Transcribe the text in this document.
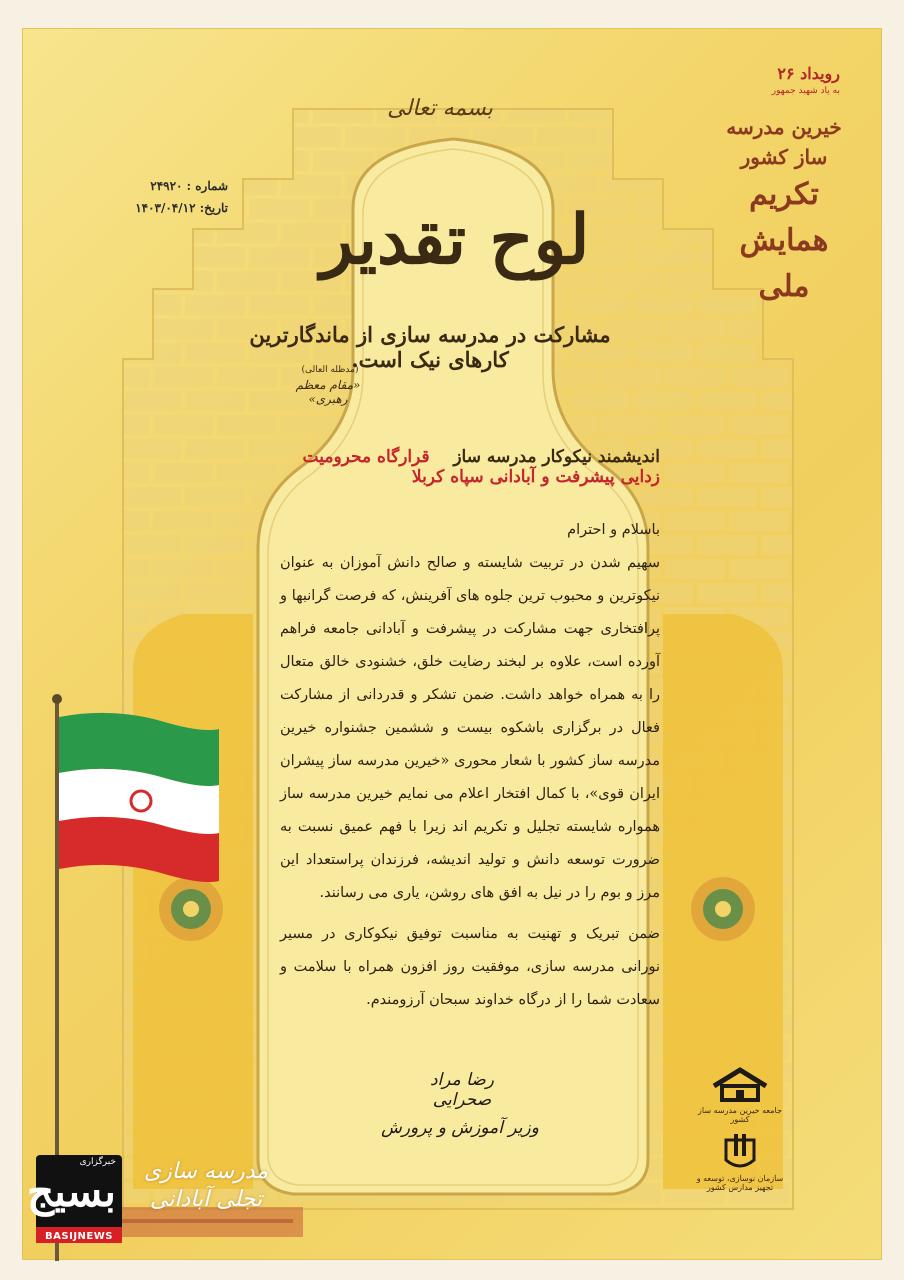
بسمه تعالی
شماره : ۲۴۹۲۰
تاریخ: ۱۴۰۳/۰۴/۱۲	لوح تقدیر
مشارکت در مدرسه سازی از ماندگارترین کارهای نیک است.
(مدظله العالی)
«مقام معظم رهبری»
اندیشمند نیکوکار مدرسه ساز    قرارگاه محرومیت زدایی پیشرفت و آبادانی سپاه کربلا

باسلام و احترام

سهیم شدن در تربیت شایسته و صالح دانش آموزان به عنوان نیکوترین و محبوب ترین جلوه های آفرینش، که فرصت گرانبها و پرافتخاری جهت مشارکت در پیشرفت و آبادانی جامعه فراهم آورده است، علاوه بر لبخند رضایت خلق، خشنودی خالق متعال را به همراه خواهد داشت. ضمن تشکر و قدردانی از مشارکت فعال در برگزاری باشکوه بیست و ششمین جشنواره خیرین مدرسه ساز کشور با شعار محوری «خیرین مدرسه ساز پیشران ایران قوی»، با کمال افتخار اعلام می نمایم خیرین مدرسه ساز همواره شایسته تجلیل و تکریم اند زیرا با فهم عمیق نسبت به ضرورت توسعه دانش و تولید اندیشه، فرزندان پراستعداد این مرز و بوم را در نیل به افق های روشن، یاری می رسانند.

ضمن تبریک و تهنیت به مناسبت توفیق نیکوکاری در مسیر نورانی مدرسه سازی، موفقیت روز افزون همراه با سلامت و سعادت شما را از درگاه خداوند سبحان آرزومندم.

رضا مراد صحرایی
وزیر آموزش و پرورش
رویداد ۲۶
به یاد شهید جمهور
خیرین مدرسه ساز کشور
تکریم
همایش ملی
جامعه خیرین مدرسه ساز کشور
سازمان نوسازی، توسعه و تجهیز مدارس کشور
مدرسه سازی تجلی آبادانی
خبرگزاری
بسیج
BASIJNEWS
